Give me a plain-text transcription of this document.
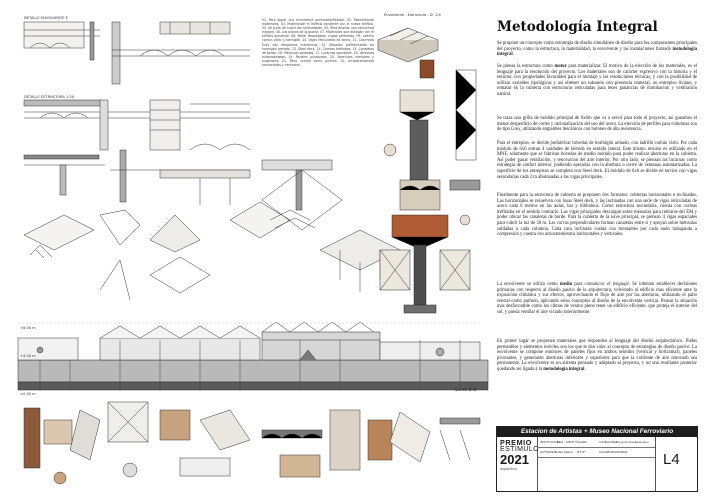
01. Para lograr una envolvente permeable/flexible, 02. Manteniendo materiales, 03. Materializar el edificio existente con el nuevo edificio, 04. Se trata de cubrir las necesidades, 05. Para diseñar una estructura integral, 06. Los planos de la planta, 07. Materiales que dialogan con el edificio existente, 08. Metal desplegado, chapa perforada, 09. Ladrillo común visto y hormigón, 10. Vigas reticuladas de acero, 11. Columnas Grey con empalmes mecánicos, 12. Bóvedas prefabricadas de hormigón armado, 13. Steel deck, 14. Correas trefiladas, 15. Canaletas de borde, 16. Ménsulas soldadas, 17. Lucarnas operables, 18. Ventanas automatizadas, 19. Paneles pivotantes, 20. Aberturas inferiores y superiores, 21. Patio central como pulmón, 22. Arriostramientos horizontales y verticales.

Envolvente - Estructura - D. 1/4
DETALLE ENVOLVENTE E
DETALLE ESTRUCTURA 1:20
Corte B-B
+8,00 m
+4,50 m
±0,00 m
Metodología Integral

Se propone un concepto como estrategia de diseño simultáneo de diseño para los componentes principales del proyecto, como la estructura, la materialidad, la envolvente y las instalaciones llamado metodología integral.

Se piensa la estructura como motor para materializar. El motivo de la elección de los materiales, es el lenguaje para la resolución del proyecto. Los materiales son de carácter expresivo con la historia y el entorno, con propiedades favorables para el montaje y las resoluciones técnicas, y con la posibilidad de utilizar variables tipológicas y así obtener un subsuelo con presencia material, un entrepiso liviano, y rematar en la cubierta con estructuras reticuladas para tener ganancias de iluminación y ventilación natural.

Se traza una grilla de módulo principal de 6x6m que va a servir para todo el proyecto, así ganamos el menor desperdicio de cortes y racionalización del uso del acero. La elección de perfiles para columnas son de tipo Grey, utilizando empalmes mecánicos con bulones de alta resistencia.

Para el entrepiso, se decide prefabricar bóvedas de hormigón armado, con ladrillo común visto. Por cada módulo de 6x6 entran 4 unidades de bóveda en sentido lateral. Este mismo recurso es utilizado en el MNF, solamente que se fabrican bóvedas de medio módulo para poder realizar aberturas en la cubierta. Así poder ganar ventilación, y renovación del aire interior. Por otro lado, se piensan las lucarnas como estrategia de confort interior, pudiendo operarlas con la abertura o cierre de ventanas automatizadas. La superficie de los entrepisos se completa con Steel deck. El módulo de 6x6 se divide en tercios con vigas secundarias cada 2 m abulonadas a las vigas principales.

Finalmente para la estructura de cubierta se proponen dos formatos: cubiertas horizontales e inclinadas. Las horizontales se resuelven con losas Steel deck, y las inclinadas con una serie de vigas reticuladas de acero cada 6 metros en las aulas, bar y biblioteca. Como estructura secundaria, cuenta con correas trefiladas en el sentido contrario. Las vigas principales descargan sobre ménsulas para retirarse del EM y poder ubicar las canaletas de borde. Para la cubierta de la nave principal, se piensan 4 vigas espaciales para cubrir la luz de 30 m. Las curvas perpendiculares forman canaletas entre sí y apoyan sobre ménsulas soldadas a cada columna. Cada cara inclinada cuenta con montantes por cada nudo trabajando a compresión y cuenta con arriostramientos horizontales y verticales.

La envolvente se utiliza como medio para comunicar el lenguaje. Se intentan establecer decisiones primarias con respecto al diseño pasivo de la arquitectura, volviendo al edificio mas eficiente ante la exposición climática y sus efectos, aprovechando el flujo de aire por las aberturas, utilizando el patio central como pulmón, aplicando estos conceptos al diseño de la envolvente vertical. Pensar la situación más desfavorable como los climas de verano pleno tener un edificio eficiente, que proteja el interior del sol, y pueda ventilar el aire viciado interiormente.

En primer lugar se proponen materiales que responden al lenguaje del diseño arquitectónico. Pieles permeables y elementos móviles son los que le dan valor al concepto de estrategias de diseño pasivo. La envolvente se compone entonces de paneles fijos en ambos sentidos (vertical y horizontal), paneles pivotantes, y generando aberturas inferiores y superiores para que la corriente de aire renovado sea permanente. La envolvente es un sistema pensado y adaptado al proyecto, y no una resultante posterior quedando así ligada a la metodología integral.

Estacion de Artistas + Museo Nacional Ferroviario
PREMIO
ESTIMULO
2021
arquitectura
INSTITUCION:
FAU - UNLP TALLER:	CATEGORIA:
Proyecto Arquitectonico
AUTOR/ES:
Coltre Marco DT N°:	COLABORADORES: L4
